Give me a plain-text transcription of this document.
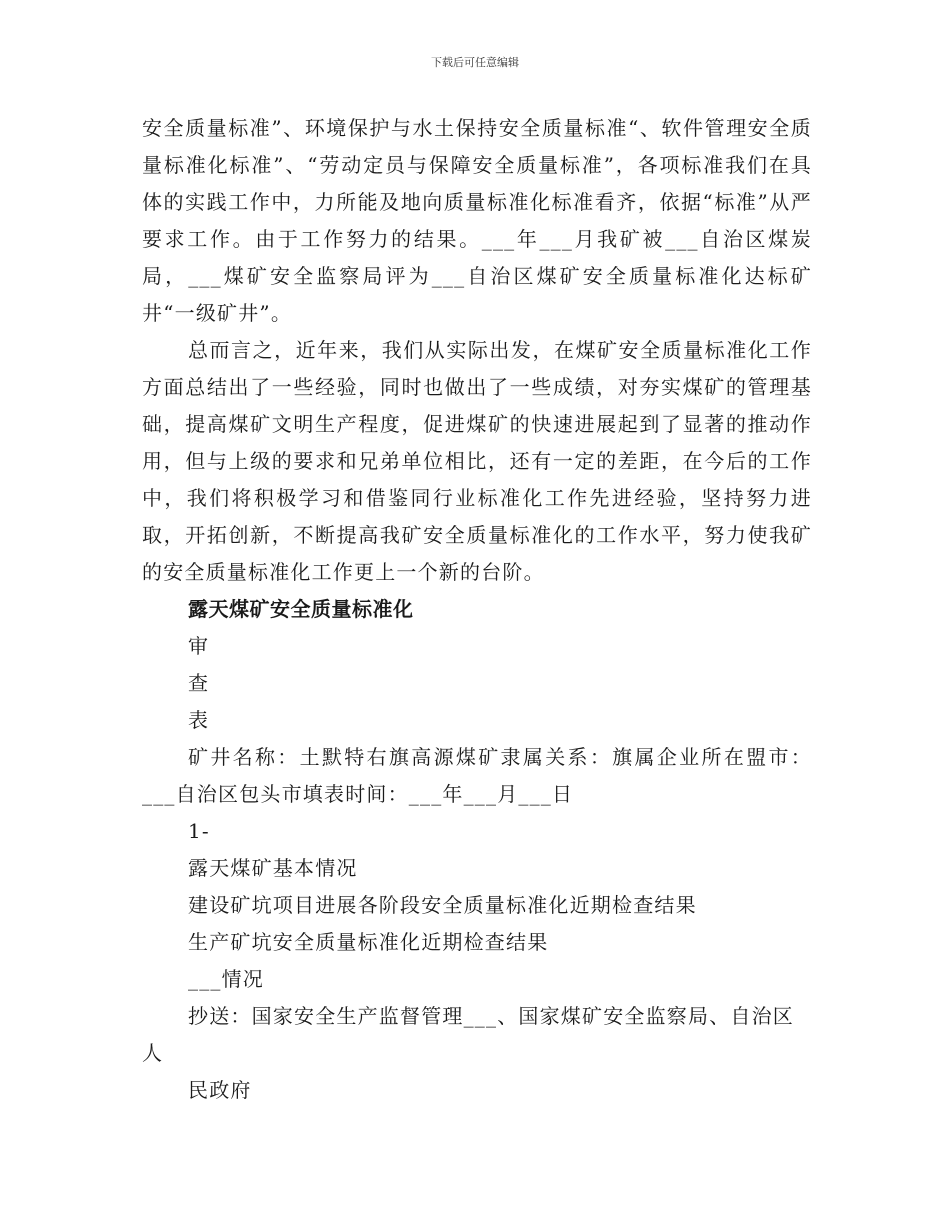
下载后可任意编辑

安全质量标准”、环境保护与水土保持安全质量标准“、软件管理安全质量标准化标准”、“劳动定员与保障安全质量标准”，各项标准我们在具体的实践工作中，力所能及地向质量标准化标准看齐，依据“标准”从严要求工作。由于工作努力的结果。___年___月我矿被___自治区煤炭局，___煤矿安全监察局评为___自治区煤矿安全质量标准化达标矿井“一级矿井”。

总而言之，近年来，我们从实际出发，在煤矿安全质量标准化工作方面总结出了一些经验，同时也做出了一些成绩，对夯实煤矿的管理基础，提高煤矿文明生产程度，促进煤矿的快速进展起到了显著的推动作用，但与上级的要求和兄弟单位相比，还有一定的差距，在今后的工作中，我们将积极学习和借鉴同行业标准化工作先进经验，坚持努力进取，开拓创新，不断提高我矿安全质量标准化的工作水平，努力使我矿的安全质量标准化工作更上一个新的台阶。

露天煤矿安全质量标准化

审

查

表

矿井名称：土默特右旗高源煤矿隶属关系：旗属企业所在盟市：___自治区包头市填表时间：___年___月___日

1-

露天煤矿基本情况

建设矿坑项目进展各阶段安全质量标准化近期检查结果

生产矿坑安全质量标准化近期检查结果

___情况

抄送：国家安全生产监督管理___、国家煤矿安全监察局、自治区人

民政府
